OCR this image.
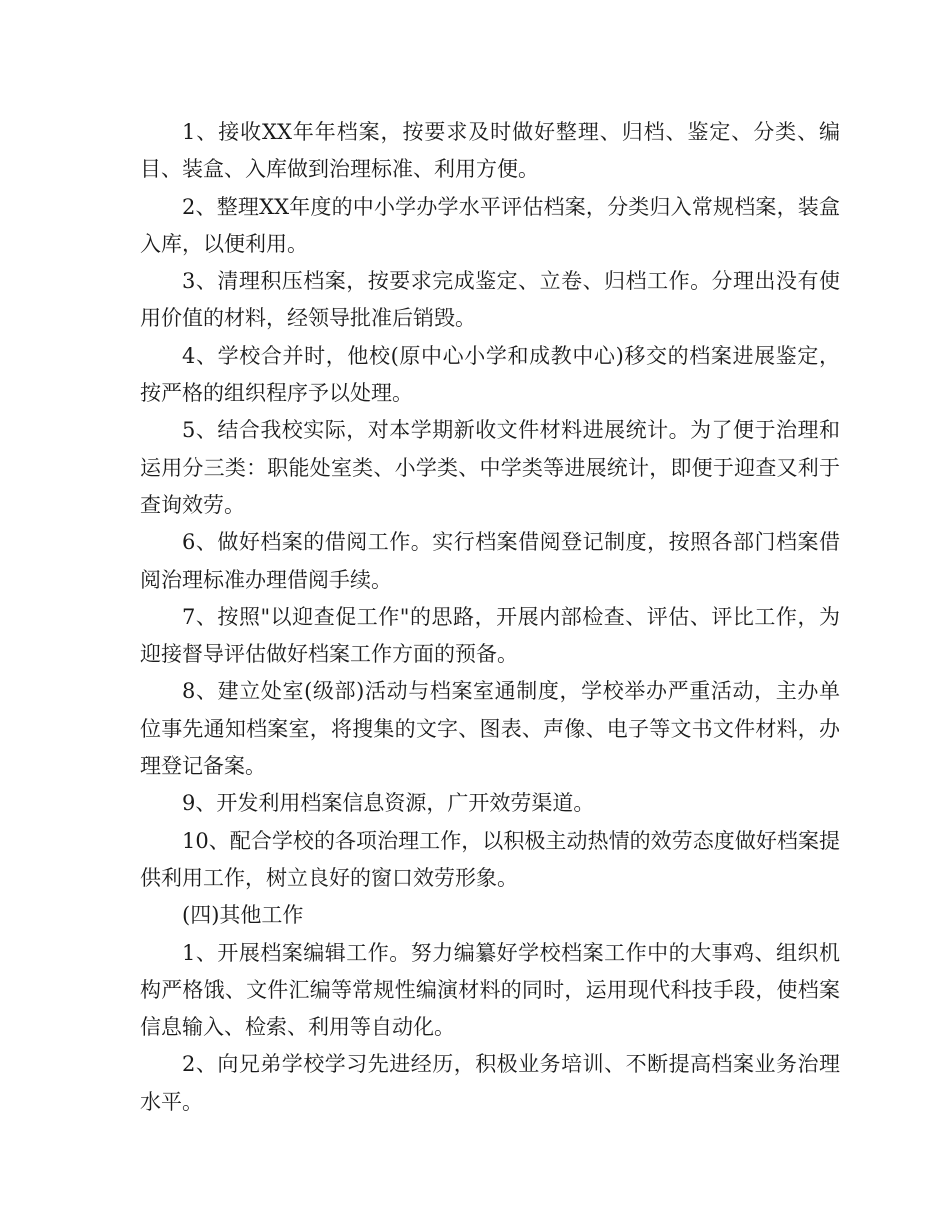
1、接收XX年年档案，按要求及时做好整理、归档、鉴定、分类、编目、装盒、入库做到治理标准、利用方便。

2、整理XX年度的中小学办学水平评估档案，分类归入常规档案，装盒入库，以便利用。

3、清理积压档案，按要求完成鉴定、立卷、归档工作。分理出没有使用价值的材料，经领导批准后销毁。

4、学校合并时，他校(原中心小学和成教中心)移交的档案进展鉴定，按严格的组织程序予以处理。

5、结合我校实际，对本学期新收文件材料进展统计。为了便于治理和运用分三类：职能处室类、小学类、中学类等进展统计，即便于迎查又利于查询效劳。

6、做好档案的借阅工作。实行档案借阅登记制度，按照各部门档案借阅治理标准办理借阅手续。

7、按照"以迎查促工作"的思路，开展内部检查、评估、评比工作，为迎接督导评估做好档案工作方面的预备。

8、建立处室(级部)活动与档案室通制度，学校举办严重活动，主办单位事先通知档案室，将搜集的文字、图表、声像、电子等文书文件材料，办理登记备案。

9、开发利用档案信息资源，广开效劳渠道。

10、配合学校的各项治理工作，以积极主动热情的效劳态度做好档案提供利用工作，树立良好的窗口效劳形象。

(四)其他工作

1、开展档案编辑工作。努力编纂好学校档案工作中的大事鸡、组织机构严格饿、文件汇编等常规性编演材料的同时，运用现代科技手段，使档案信息输入、检索、利用等自动化。

2、向兄弟学校学习先进经历，积极业务培训、不断提高档案业务治理水平。
